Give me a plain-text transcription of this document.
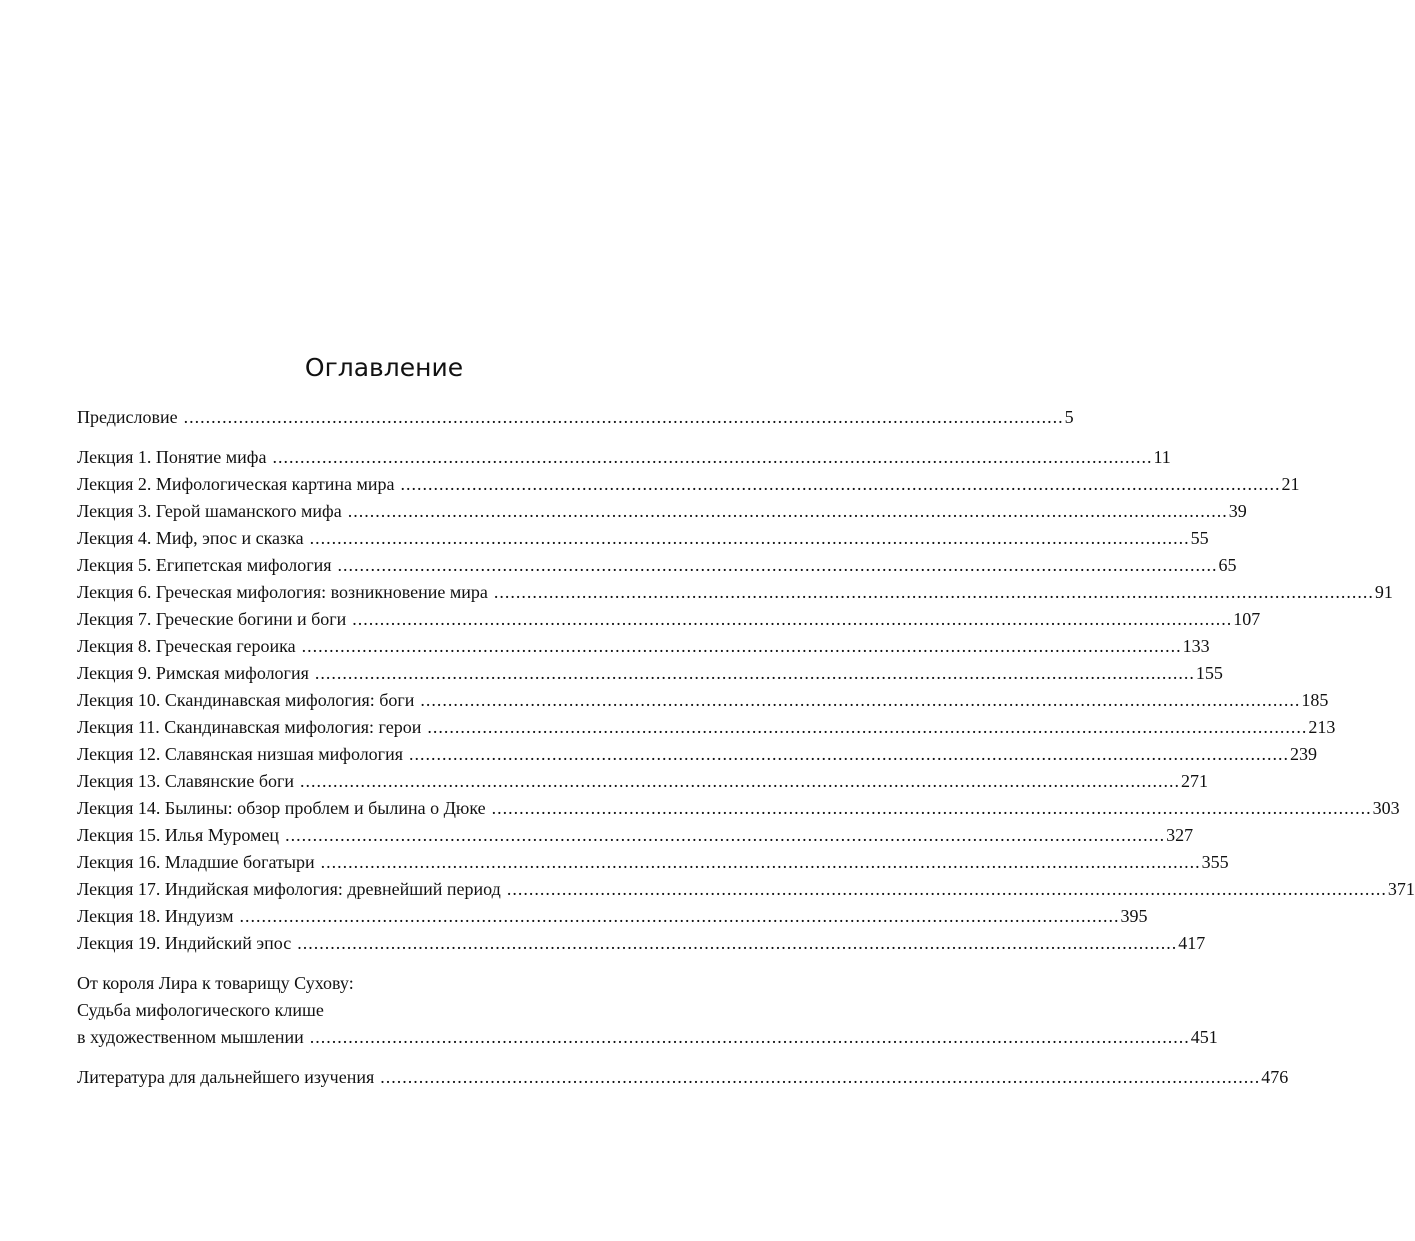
Оглавление
Предисловие ................................................................................................................................................................ 5
Лекция 1. Понятие мифа ................................................................................................................................................................ 11
Лекция 2. Мифологическая картина мира ................................................................................................................................................................ 21
Лекция 3. Герой шаманского мифа ................................................................................................................................................................ 39
Лекция 4. Миф, эпос и сказка ................................................................................................................................................................ 55
Лекция 5. Египетская мифология ................................................................................................................................................................ 65
Лекция 6. Греческая мифология: возникновение мира ................................................................................................................................................................ 91
Лекция 7. Греческие богини и боги ................................................................................................................................................................ 107
Лекция 8. Греческая героика ................................................................................................................................................................ 133
Лекция 9. Римская мифология ................................................................................................................................................................ 155
Лекция 10. Скандинавская мифология: боги ................................................................................................................................................................ 185
Лекция 11. Скандинавская мифология: герои ................................................................................................................................................................ 213
Лекция 12. Славянская низшая мифология ................................................................................................................................................................ 239
Лекция 13. Славянские боги ................................................................................................................................................................ 271
Лекция 14. Былины: обзор проблем и былина о Дюке ................................................................................................................................................................ 303
Лекция 15. Илья Муромец ................................................................................................................................................................ 327
Лекция 16. Младшие богатыри ................................................................................................................................................................ 355
Лекция 17. Индийская мифология: древнейший период ................................................................................................................................................................ 371
Лекция 18. Индуизм ................................................................................................................................................................ 395
Лекция 19. Индийский эпос ................................................................................................................................................................ 417
От короля Лира к товарищу Сухову:
Судьба мифологического клише
в художественном мышлении ................................................................................................................................................................ 451
Литература для дальнейшего изучения ................................................................................................................................................................ 476
